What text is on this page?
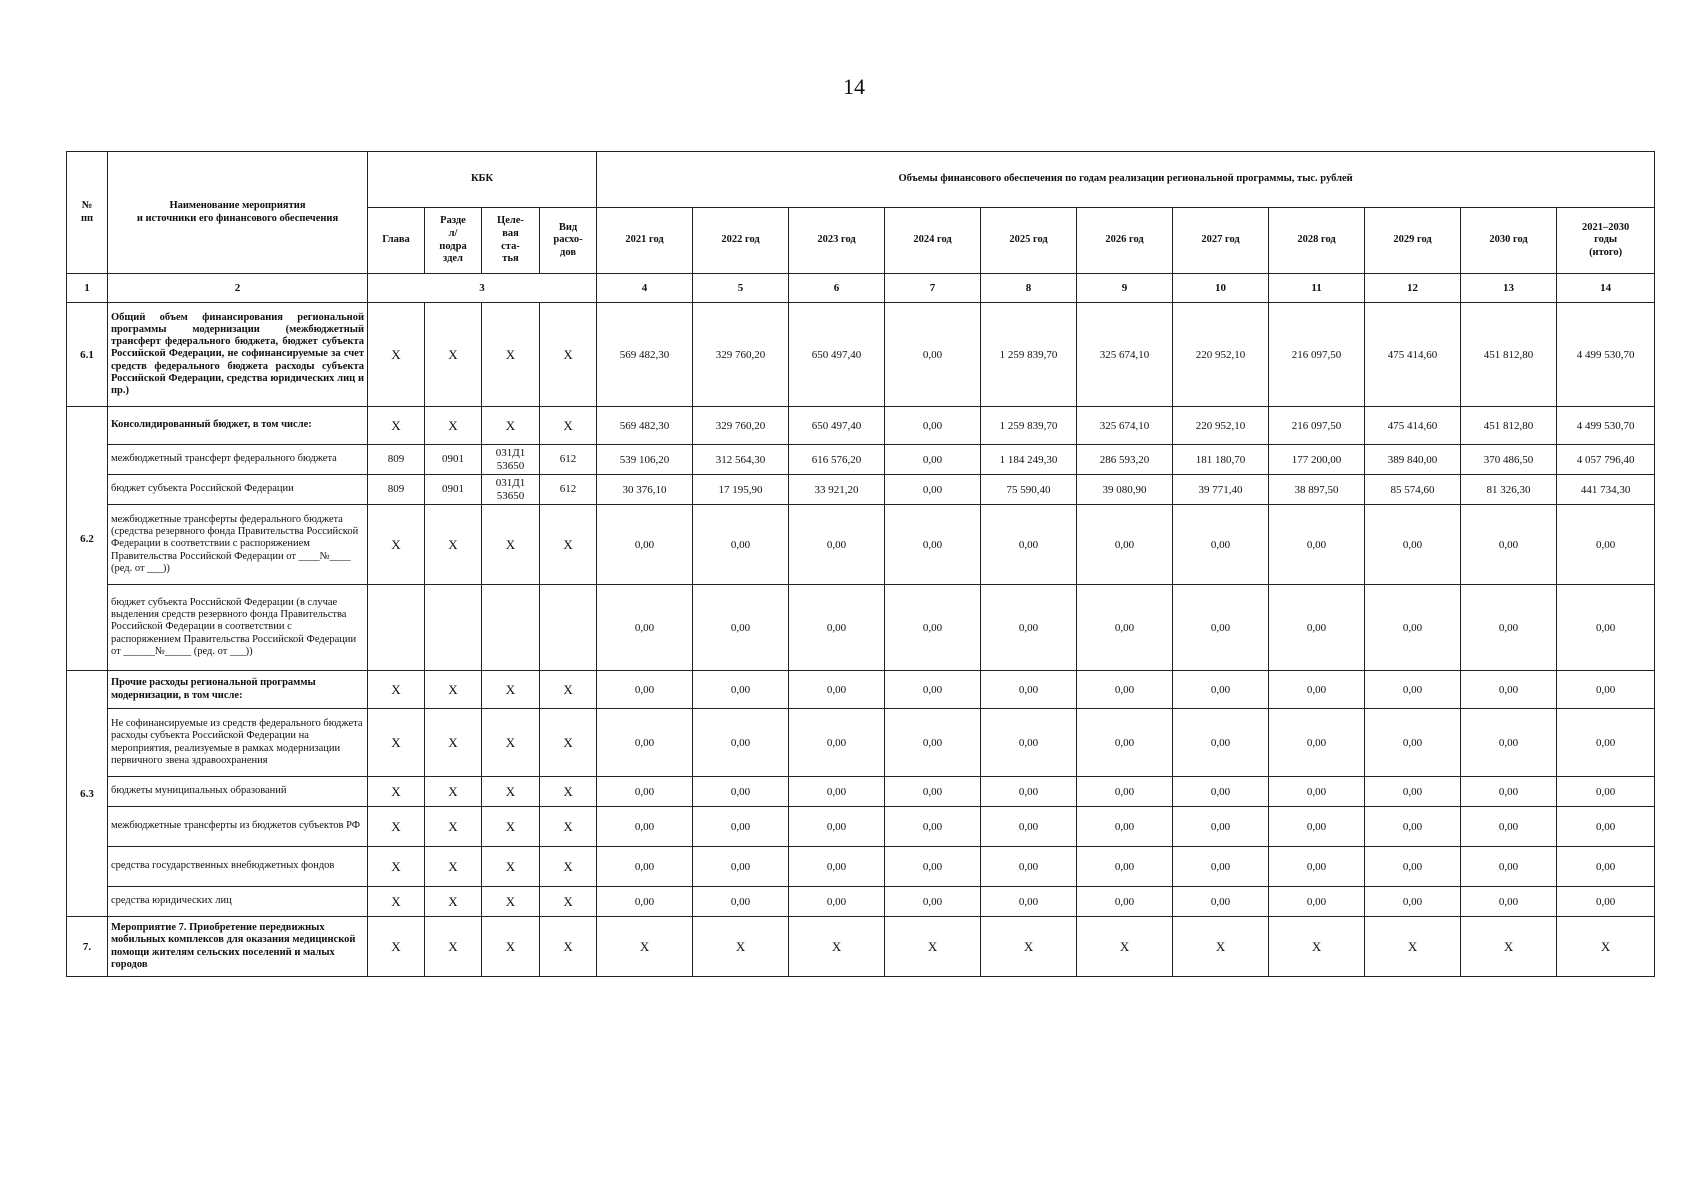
14
№
пп	Наименование мероприятия
и источники его финансового обеспечения	КБК				Объемы финансового обеспечения по годам реализации региональной программы, тыс. рублей										
		Глава	Разде
л/
подра
здел	Целе-
вая
ста-
тья	Вид
расхо-
дов	2021 год	2022 год	2023 год	2024 год	2025 год	2026 год	2027 год	2028 год	2029 год	2030 год	2021–2030
годы
(итого)
1	2	3				4	5	6	7	8	9	10	11	12	13	14
6.1	Общий объем финансирования региональной программы модернизации (межбюджетный трансферт федерального бюджета, бюджет субъекта Российской Федерации, не софинансируемые за счет средств федерального бюджета расходы субъекта Российской Федерации, средства юридических лиц и пр.)	X	X	X	X	569 482,30	329 760,20	650 497,40	0,00	1 259 839,70	325 674,10	220 952,10	216 097,50	475 414,60	451 812,80	4 499 530,70
6.2	Консолидированный бюджет, в том числе:	X	X	X	X	569 482,30	329 760,20	650 497,40	0,00	1 259 839,70	325 674,10	220 952,10	216 097,50	475 414,60	451 812,80	4 499 530,70
	межбюджетный трансферт федерального бюджета	809	0901	031Д1
53650	612	539 106,20	312 564,30	616 576,20	0,00	1 184 249,30	286 593,20	181 180,70	177 200,00	389 840,00	370 486,50	4 057 796,40
	бюджет субъекта Российской Федерации	809	0901	031Д1
53650	612	30 376,10	17 195,90	33 921,20	0,00	75 590,40	39 080,90	39 771,40	38 897,50	85 574,60	81 326,30	441 734,30
	межбюджетные трансферты федерального бюджета (средства резервного фонда Правительства Российской Федерации в соответствии с распоряжением Правительства Российской Федерации от ____№____ (ред. от ___))	X	X	X	X	0,00	0,00	0,00	0,00	0,00	0,00	0,00	0,00	0,00	0,00	0,00
	бюджет субъекта Российской Федерации (в случае выделения средств резервного фонда Правительства Российской Федерации в соответствии с распоряжением Правительства Российской Федерации от ______№_____ (ред. от ___))					0,00	0,00	0,00	0,00	0,00	0,00	0,00	0,00	0,00	0,00	0,00
6.3	Прочие расходы региональной программы модернизации, в том числе:	X	X	X	X	0,00	0,00	0,00	0,00	0,00	0,00	0,00	0,00	0,00	0,00	0,00
	Не софинансируемые из средств федерального бюджета расходы субъекта Российской Федерации на мероприятия, реализуемые в рамках модернизации первичного звена здравоохранения	X	X	X	X	0,00	0,00	0,00	0,00	0,00	0,00	0,00	0,00	0,00	0,00	0,00
	бюджеты муниципальных образований	X	X	X	X	0,00	0,00	0,00	0,00	0,00	0,00	0,00	0,00	0,00	0,00	0,00
	межбюджетные трансферты из бюджетов субъектов РФ	X	X	X	X	0,00	0,00	0,00	0,00	0,00	0,00	0,00	0,00	0,00	0,00	0,00
	средства государственных внебюджетных фондов	X	X	X	X	0,00	0,00	0,00	0,00	0,00	0,00	0,00	0,00	0,00	0,00	0,00
	средства юридических лиц	X	X	X	X	0,00	0,00	0,00	0,00	0,00	0,00	0,00	0,00	0,00	0,00	0,00
7.	Мероприятие 7. Приобретение передвижных мобильных комплексов для оказания медицинской помощи жителям сельских поселений и малых городов	X	X	X	X	X	X	X	X	X	X	X	X	X	X	X
